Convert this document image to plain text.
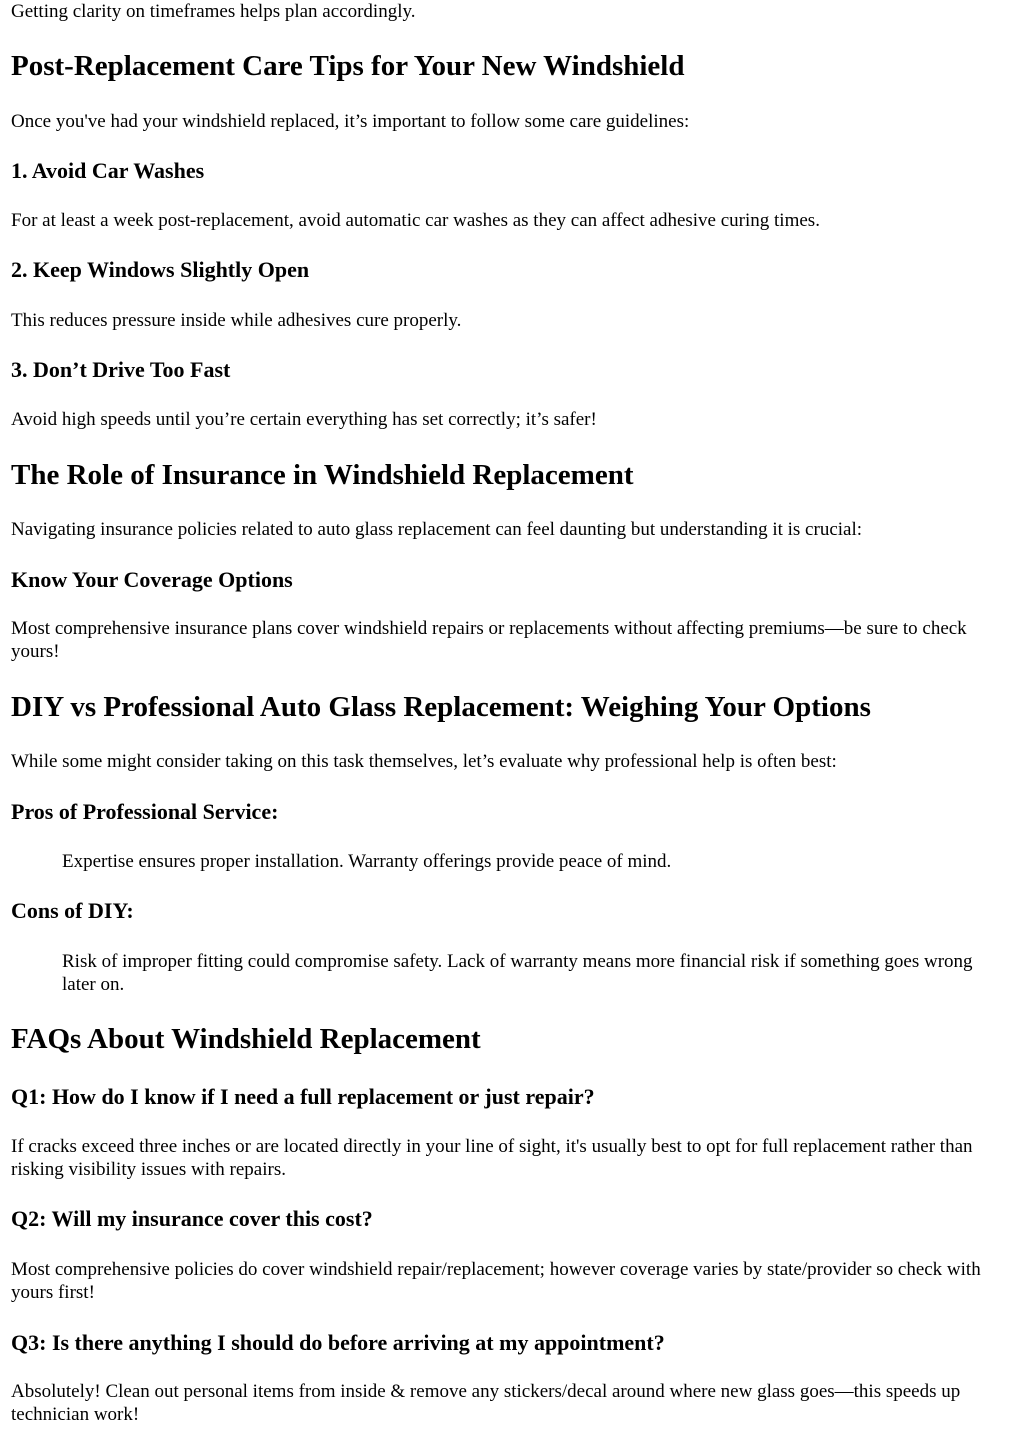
Getting clarity on timeframes helps plan accordingly.

Post-Replacement Care Tips for Your New Windshield

Once you've had your windshield replaced, it’s important to follow some care guidelines:

1. Avoid Car Washes

For at least a week post-replacement, avoid automatic car washes as they can affect adhesive curing times.

2. Keep Windows Slightly Open

This reduces pressure inside while adhesives cure properly.

3. Don’t Drive Too Fast

Avoid high speeds until you’re certain everything has set correctly; it’s safer!

The Role of Insurance in Windshield Replacement

Navigating insurance policies related to auto glass replacement can feel daunting but understanding it is crucial:

Know Your Coverage Options

Most comprehensive insurance plans cover windshield repairs or replacements without affecting premiums—be sure to check yours!

DIY vs Professional Auto Glass Replacement: Weighing Your Options

While some might consider taking on this task themselves, let’s evaluate why professional help is often best:

Pros of Professional Service:

Expertise ensures proper installation. Warranty offerings provide peace of mind.

Cons of DIY:

Risk of improper fitting could compromise safety. Lack of warranty means more financial risk if something goes wrong later on.

FAQs About Windshield Replacement
Q1: How do I know if I need a full replacement or just repair?

If cracks exceed three inches or are located directly in your line of sight, it's usually best to opt for full replacement rather than risking visibility issues with repairs.

Q2: Will my insurance cover this cost?

Most comprehensive policies do cover windshield repair/replacement; however coverage varies by state/provider so check with yours first!

Q3: Is there anything I should do before arriving at my appointment?

Absolutely! Clean out personal items from inside & remove any stickers/decal around where new glass goes—this speeds up technician work!
